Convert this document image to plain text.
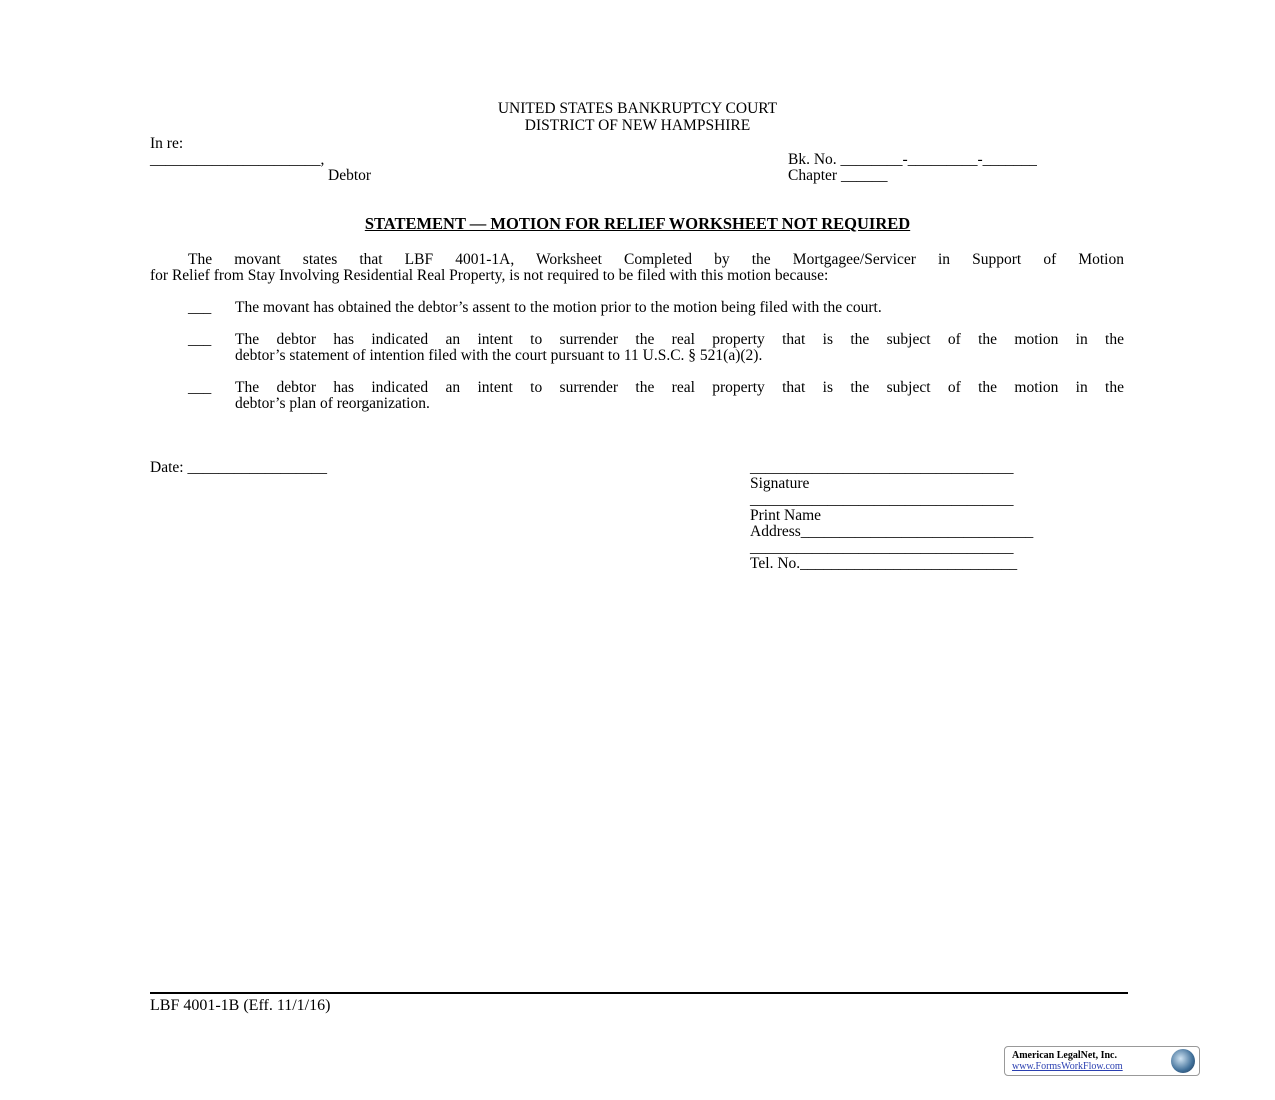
UNITED STATES BANKRUPTCY COURT
DISTRICT OF NEW HAMPSHIRE
In re:
______________________,
Debtor
Bk. No. ________-_________-_______
Chapter ______
STATEMENT — MOTION FOR RELIEF WORKSHEET NOT REQUIRED
The movant states that LBF 4001-1A, Worksheet Completed by the Mortgagee/Servicer in Support of Motion
for Relief from Stay Involving Residential Real Property, is not required to be filed with this motion because:
___ The movant has obtained the debtor’s assent to the motion prior to the motion being filed with the court.
___ The debtor has indicated an intent to surrender the real property that is the subject of the motion in the
debtor’s statement of intention filed with the court pursuant to 11 U.S.C. § 521(a)(2).
___ The debtor has indicated an intent to surrender the real property that is the subject of the motion in the
debtor’s plan of reorganization.
Date: __________________	__________________________________
Signature
__________________________________
Print Name
Address______________________________
__________________________________
Tel. No.____________________________
LBF 4001-1B (Eff. 11/1/16)
American LegalNet, Inc.
www.FormsWorkFlow.com
